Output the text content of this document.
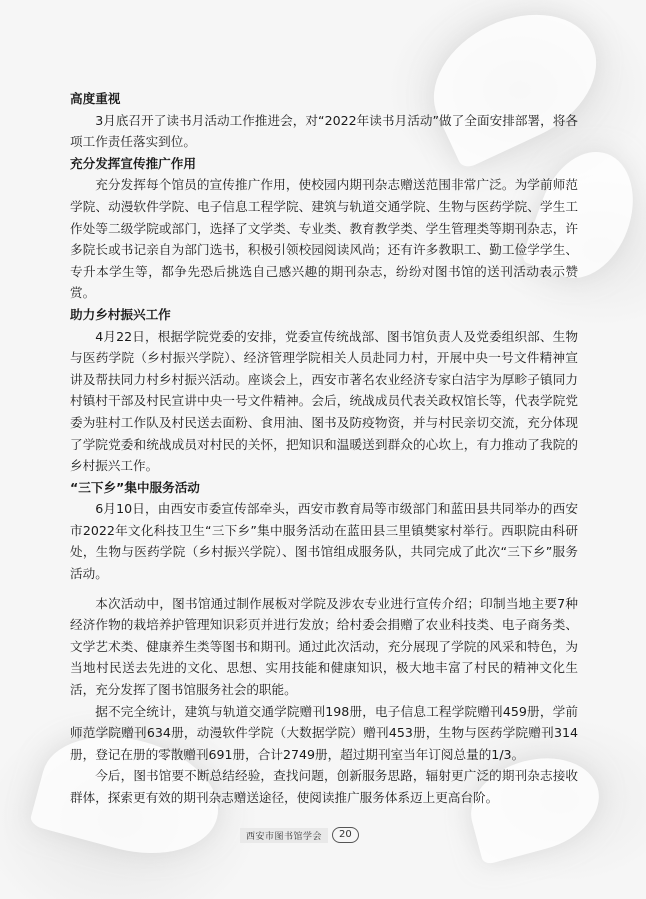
高度重视

3月底召开了读书月活动工作推进会，对“2022年读书月活动”做了全面安排部署，将各项工作责任落实到位。

充分发挥宣传推广作用

充分发挥每个馆员的宣传推广作用，使校园内期刊杂志赠送范围非常广泛。为学前师范学院、动漫软件学院、电子信息工程学院、建筑与轨道交通学院、生物与医药学院、学生工作处等二级学院或部门，选择了文学类、专业类、教育教学类、学生管理类等期刊杂志，许多院长或书记亲自为部门选书，积极引领校园阅读风尚；还有许多教职工、勤工俭学学生、专升本学生等，都争先恐后挑选自己感兴趣的期刊杂志，纷纷对图书馆的送刊活动表示赞赏。

助力乡村振兴工作

4月22日，根据学院党委的安排，党委宣传统战部、图书馆负责人及党委组织部、生物与医药学院（乡村振兴学院）、经济管理学院相关人员赴同力村，开展中央一号文件精神宣讲及帮扶同力村乡村振兴活动。座谈会上，西安市著名农业经济专家白洁宇为厚畛子镇同力村镇村干部及村民宣讲中央一号文件精神。会后，统战成员代表关政权馆长等，代表学院党委为驻村工作队及村民送去面粉、食用油、图书及防疫物资，并与村民亲切交流，充分体现了学院党委和统战成员对村民的关怀，把知识和温暖送到群众的心坎上，有力推动了我院的乡村振兴工作。

“三下乡”集中服务活动

6月10日，由西安市委宣传部牵头，西安市教育局等市级部门和蓝田县共同举办的西安市2022年文化科技卫生“三下乡”集中服务活动在蓝田县三里镇樊家村举行。西职院由科研处，生物与医药学院（乡村振兴学院）、图书馆组成服务队，共同完成了此次“三下乡”服务活动。

本次活动中，图书馆通过制作展板对学院及涉农专业进行宣传介绍；印制当地主要7种经济作物的栽培养护管理知识彩页并进行发放；给村委会捐赠了农业科技类、电子商务类、文学艺术类、健康养生类等图书和期刊。通过此次活动，充分展现了学院的风采和特色，为当地村民送去先进的文化、思想、实用技能和健康知识，极大地丰富了村民的精神文化生活，充分发挥了图书馆服务社会的职能。

据不完全统计，建筑与轨道交通学院赠刊198册，电子信息工程学院赠刊459册，学前师范学院赠刊634册，动漫软件学院（大数据学院）赠刊453册，生物与医药学院赠刊314册，登记在册的零散赠刊691册，合计2749册，超过期刊室当年订阅总量的1/3。

今后，图书馆要不断总结经验，查找问题，创新服务思路，辐射更广泛的期刊杂志接收群体，探索更有效的期刊杂志赠送途径，使阅读推广服务体系迈上更高台阶。

西安市图书馆学会	20
